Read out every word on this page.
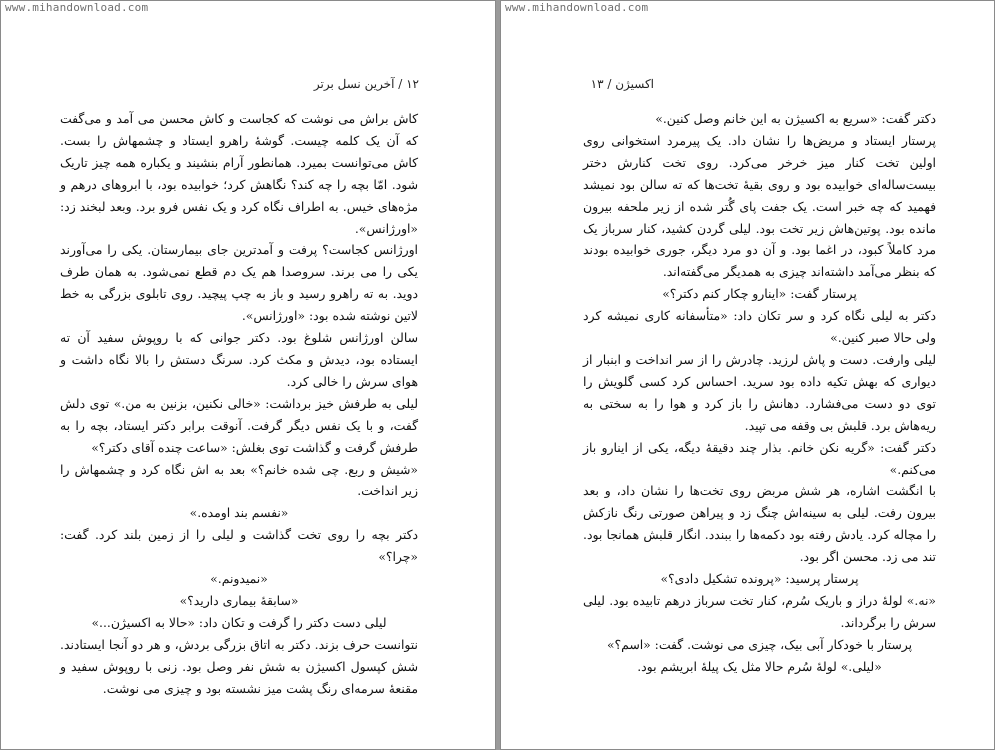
www.mihandownload.com
۱۲ / آخرین نسل برتر

کاش براش می نوشت که کجاست و کاش محسن می آمد و می‌گفت که آن یک کلمه چیست. گوشهٔ راهرو ایستاد و چشمهاش را بست. کاش می‌توانست بمیرد. همانطور آرام بنشیند و یکباره همه چیز تاریک شود. امّا بچه را چه کند؟ نگاهش کرد؛ خوابیده بود، با ابروهای درهم و مژه‌های خیس. به اطراف نگاه کرد و یک نفس فرو برد. وبعد لبخند زد: «اورژانس».

اورژانس کجاست؟ پرفت و آمدترین جای بیمارستان. یکی را می‌آورند یکی را می برند. سروصدا هم یک دم قطع نمی‌شود. به همان طرف دوید. به ته راهرو رسید و باز به چپ پیچید. روی تابلوی بزرگی به خط لاتین نوشته شده بود: «اورژانس».

سالن اورژانس شلوغ بود. دکتر جوانی که با روپوش سفید آن ته ایستاده بود، دیدش و مکث کرد. سرنگ دستش را بالا نگاه داشت و هوای سرش را خالی کرد.

لیلی به طرفش خیز برداشت: «خالی نکنین، بزنین به من.» توی دلش گفت، و با یک نفس دیگر گرفت. آنوقت برابر دکتر ایستاد، بچه را به طرفش گرفت و گذاشت توی بغلش: «ساعت چنده آقای دکتر؟»

«شیش و ربع. چی شده خانم؟» بعد به اش نگاه کرد و چشمهاش را زیر انداخت.

«نفسم بند اومده.»

دکتر بچه را روی تخت گذاشت و لیلی را از زمین بلند کرد. گفت: «چرا؟»

«نمیدونم.»

«سابقهٔ بیماری دارید؟»

لیلی دست دکتر را گرفت و تکان داد: «حالا به اکسیژن...»

نتوانست حرف بزند. دکتر به اتاق بزرگی بردش، و هر دو آنجا ایستادند. شش کپسول اکسیژن به شش نفر وصل بود. زنی با روپوش سفید و مقنعهٔ سرمه‌ای رنگ پشت میز نشسته بود و چیزی می نوشت.

www.mihandownload.com
اکسیژن / ۱۳

دکتر گفت: «سریع به اکسیژن به این خانم وصل کنین.»

پرستار ایستاد و مریض‌ها را نشان داد. یک پیرمرد استخوانی روی اولین تخت کنار میز خرخر می‌کرد. روی تخت کنارش دختر بیست‌ساله‌ای خوابیده بود و روی بقیهٔ تخت‌ها که ته سالن بود نمیشد فهمید که چه خبر است. یک جفت پای گُتر شده از زیر ملحفه بیرون مانده بود. پوتین‌هاش زیر تخت بود. لیلی گردن کشید، کنار سرباز یک مرد کاملاً کبود، در اغما بود. و آن دو مرد دیگر، جوری خوابیده بودند که بنظر می‌آمد داشته‌اند چیزی به همدیگر می‌گفته‌اند.

پرستار گفت: «اینارو چکار کنم دکتر؟»

دکتر به لیلی نگاه کرد و سر تکان داد: «متأسفانه کاری نمیشه کرد ولی حالا صبر کنین.»

لیلی وارفت. دست و پاش لرزید. چادرش را از سر انداخت و ابنبار از دیواری که بهش تکیه داده بود سرید. احساس کرد کسی گلویش را توی دو دست می‌فشارد. دهانش را باز کرد و هوا را به سختی به ریه‌هاش برد. قلبش بی وقفه می تپید.

دکتر گفت: «گریه نکن خانم. بذار چند دقیقهٔ دیگه، یکی از اینارو باز می‌کنم.»

با انگشت اشاره، هر شش مربض روی تخت‌ها را نشان داد، و بعد بیرون رفت. لیلی به سینه‌اش چنگ زد و پیراهن صورتی رنگ نازکش را مچاله کرد. یادش رفته بود دکمه‌ها را ببندد. انگار قلبش همانجا بود. تند می زد. محسن اگر بود.

پرستار پرسید: «پرونده تشکیل دادی؟»

«نه.» لولهٔ دراز و باریک سُرم، کنار تخت سرباز درهم تابیده بود. لیلی سرش را برگرداند.

پرستار با خودکار آبی بیک، چیزی می نوشت. گفت: «اسم؟»

«لیلی.» لولهٔ سُرم حالا مثل یک پیلهٔ ابریشم بود.
